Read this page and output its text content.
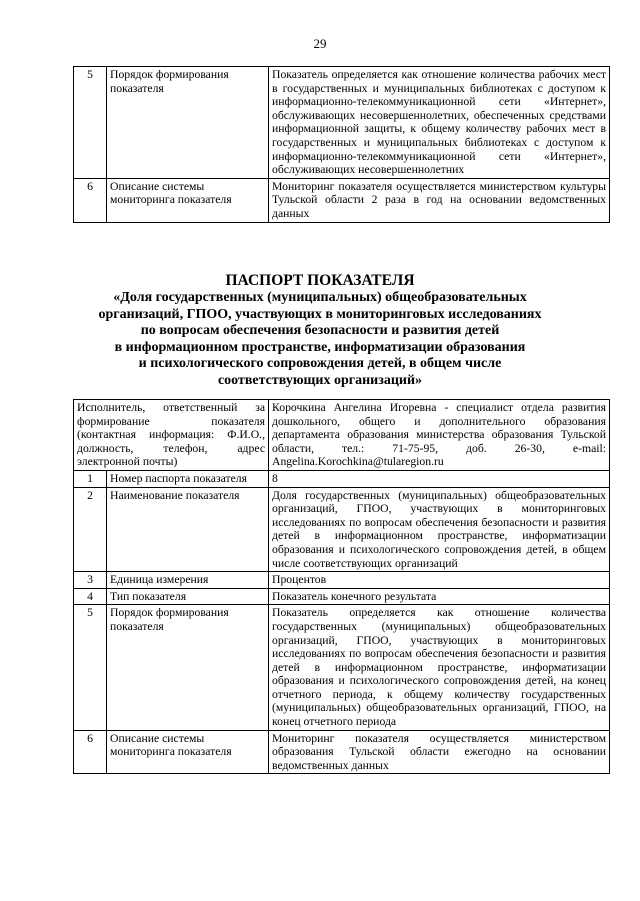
29
5	Порядок формирования показателя	Показатель определяется как отношение количества рабочих мест в государственных и муниципальных библиотеках с доступом к информационно-телекоммуникационной сети «Интернет», обслуживающих несовершеннолетних, обеспеченных средствами информационной защиты, к общему количеству рабочих мест в государственных и муниципальных библиотеках с доступом к информационно-телекоммуникационной сети «Интернет», обслуживающих несовершеннолетних
6	Описание системы мониторинга показателя	Мониторинг показателя осуществляется министерством культуры Тульской области 2 раза в год на основании ведомственных данных
ПАСПОРТ ПОКАЗАТЕЛЯ
«Доля государственных (муниципальных) общеобразовательных
организаций, ГПОО, участвующих в мониторинговых исследованиях
по вопросам обеспечения безопасности и развития детей
в информационном пространстве, информатизации образования
и психологического сопровождения детей, в общем числе
соответствующих организаций»
Исполнитель, ответственный за формирование показателя (контактная информация: Ф.И.О., должность, телефон, адрес электронной почты)		Корочкина Ангелина Игоревна - специалист отдела развития дошкольного, общего и дополнительного образования департамента образования министерства образования Тульской области, тел.: 71-75-95, доб. 26-30, e-mail: Angelina.Korochkina@tularegion.ru
1	Номер паспорта показателя	8
2	Наименование показателя	Доля государственных (муниципальных) общеобразовательных организаций, ГПОО, участвующих в мониторинговых исследованиях по вопросам обеспечения безопасности и развития детей в информационном пространстве, информатизации образования и психологического сопровождения детей, в общем числе соответствующих организаций
3	Единица измерения	Процентов
4	Тип показателя	Показатель конечного результата
5	Порядок формирования показателя	Показатель определяется как отношение количества государственных (муниципальных) общеобразовательных организаций, ГПОО, участвующих в мониторинговых исследованиях по вопросам обеспечения безопасности и развития детей в информационном пространстве, информатизации образования и психологического сопровождения детей, на конец отчетного периода, к общему количеству государственных (муниципальных) общеобразовательных организаций, ГПОО, на конец отчетного периода
6	Описание системы мониторинга показателя	Мониторинг показателя осуществляется министерством образования Тульской области ежегодно на основании ведомственных данных
